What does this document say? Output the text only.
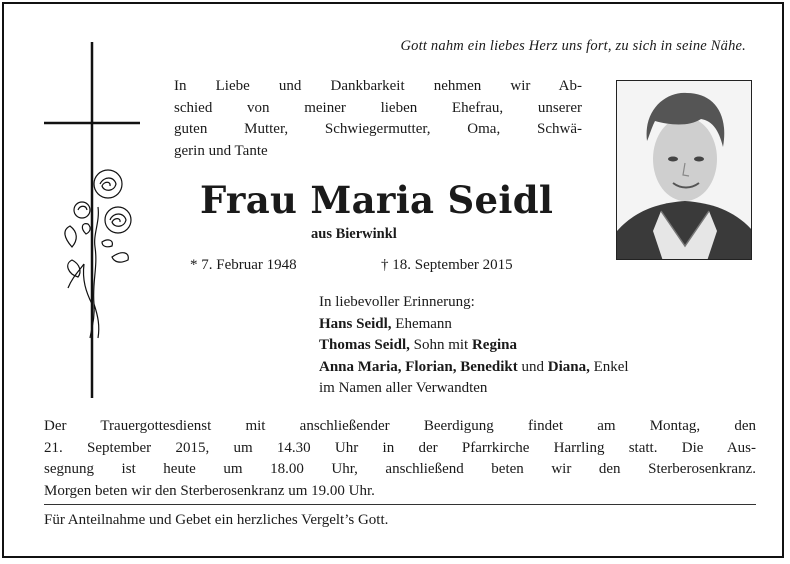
Gott nahm ein liebes Herz uns fort, zu sich in seine Nähe.
In Liebe und Dankbarkeit nehmen wir Ab-
schied von meiner lieben Ehefrau, unserer
guten Mutter, Schwiegermutter, Oma, Schwä-
gerin und Tante
Frau Maria Seidl
aus Bierwinkl
* 7. Februar 1948	† 18. September 2015
In liebevoller Erinnerung:
Hans Seidl, Ehemann
Thomas Seidl, Sohn mit Regina
Anna Maria, Florian, Benedikt und Diana, Enkel
im Namen aller Verwandten
Der Trauergottesdienst mit anschließender Beerdigung findet am Montag, den
21. September 2015, um 14.30 Uhr in der Pfarrkirche Harrling statt. Die Aus-
segnung ist heute um 18.00 Uhr, anschließend beten wir den Sterberosenkranz.
Morgen beten wir den Sterberosenkranz um 19.00 Uhr.
Für Anteilnahme und Gebet ein herzliches Vergelt’s Gott.
